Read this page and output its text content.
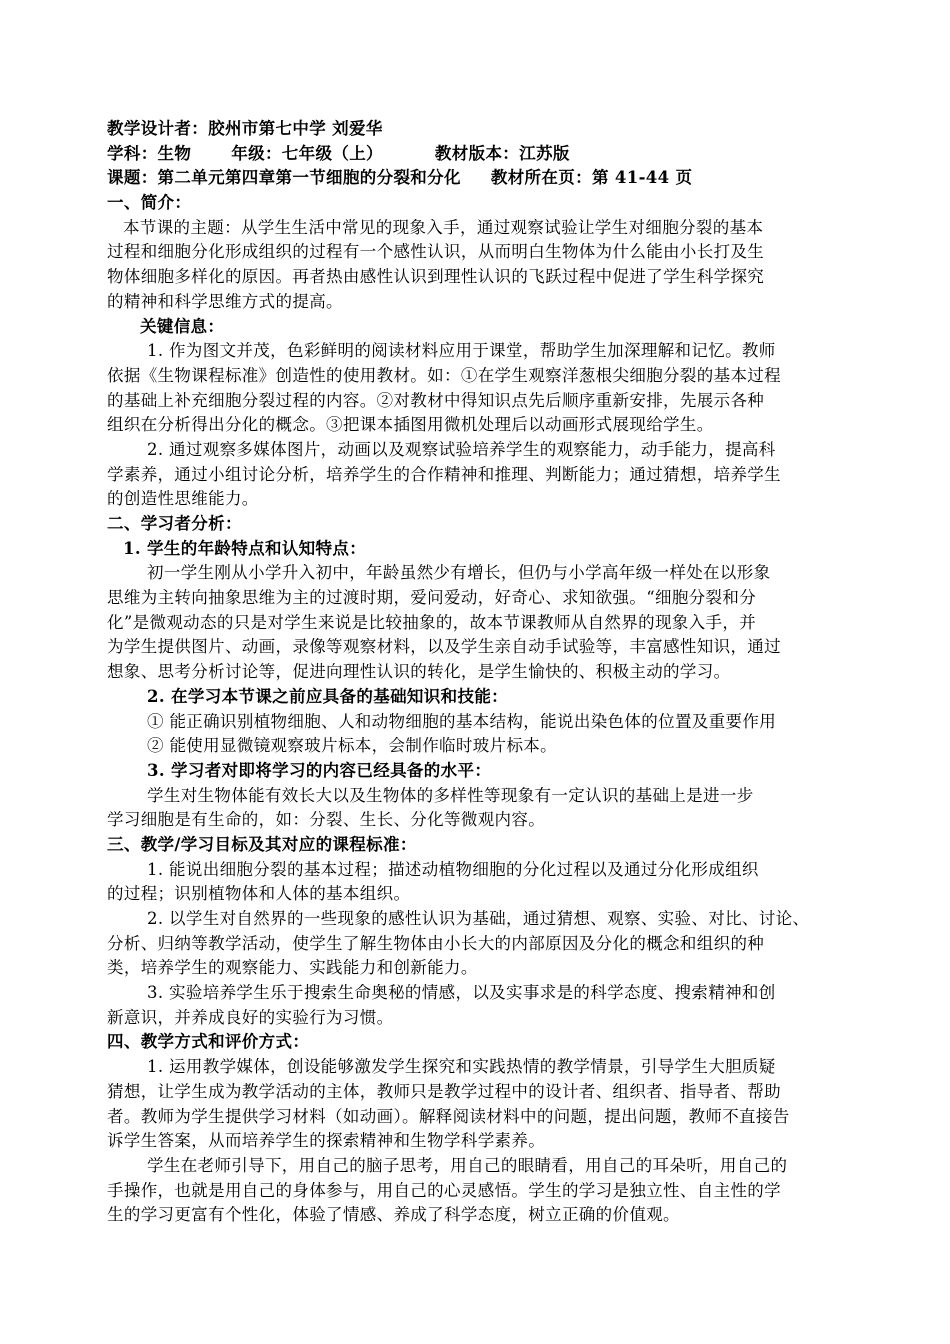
教学设计者：胶州市第七中学 刘爱华
学科：生物 年级：七年级（上）	教材版本：江苏版
课题：第二单元第四章第一节细胞的分裂和分化 教材所在页：第 41-44 页
一、简介：
本节课的主题：从学生生活中常见的现象入手，通过观察试验让学生对细胞分裂的基本
过程和细胞分化形成组织的过程有一个感性认识，从而明白生物体为什么能由小长打及生
物体细胞多样化的原因。再者热由感性认识到理性认识的飞跃过程中促进了学生科学探究
的精神和科学思维方式的提高。
关键信息：
1. 作为图文并茂，色彩鲜明的阅读材料应用于课堂，帮助学生加深理解和记忆。教师
依据《生物课程标准》创造性的使用教材。如：①在学生观察洋葱根尖细胞分裂的基本过程
的基础上补充细胞分裂过程的内容。②对教材中得知识点先后顺序重新安排，先展示各种
组织在分析得出分化的概念。③把课本插图用微机处理后以动画形式展现给学生。
2. 通过观察多媒体图片，动画以及观察试验培养学生的观察能力，动手能力，提高科
学素养，通过小组讨论分析，培养学生的合作精神和推理、判断能力；通过猜想，培养学生
的创造性思维能力。
二、学习者分析：
1. 学生的年龄特点和认知特点：
初一学生刚从小学升入初中，年龄虽然少有增长，但仍与小学高年级一样处在以形象
思维为主转向抽象思维为主的过渡时期，爱问爱动，好奇心、求知欲强。“细胞分裂和分
化”是微观动态的只是对学生来说是比较抽象的，故本节课教师从自然界的现象入手，并
为学生提供图片、动画，录像等观察材料，以及学生亲自动手试验等，丰富感性知识，通过
想象、思考分析讨论等，促进向理性认识的转化，是学生愉快的、积极主动的学习。
2. 在学习本节课之前应具备的基础知识和技能：
① 能正确识别植物细胞、人和动物细胞的基本结构，能说出染色体的位置及重要作用
② 能使用显微镜观察玻片标本，会制作临时玻片标本。
3. 学习者对即将学习的内容已经具备的水平：
学生对生物体能有效长大以及生物体的多样性等现象有一定认识的基础上是进一步
学习细胞是有生命的，如：分裂、生长、分化等微观内容。
三、教学/学习目标及其对应的课程标准：
1. 能说出细胞分裂的基本过程；描述动植物细胞的分化过程以及通过分化形成组织
的过程；识别植物体和人体的基本组织。
2. 以学生对自然界的一些现象的感性认识为基础，通过猜想、观察、实验、对比、讨论、
分析、归纳等教学活动，使学生了解生物体由小长大的内部原因及分化的概念和组织的种
类，培养学生的观察能力、实践能力和创新能力。
3. 实验培养学生乐于搜索生命奥秘的情感，以及实事求是的科学态度、搜索精神和创
新意识，并养成良好的实验行为习惯。
四、教学方式和评价方式：
1. 运用教学媒体，创设能够激发学生探究和实践热情的教学情景，引导学生大胆质疑
猜想，让学生成为教学活动的主体，教师只是教学过程中的设计者、组织者、指导者、帮助
者。教师为学生提供学习材料（如动画）。解释阅读材料中的问题，提出问题，教师不直接告
诉学生答案，从而培养学生的探索精神和生物学科学素养。
学生在老师引导下，用自己的脑子思考，用自己的眼睛看，用自己的耳朵听，用自己的
手操作，也就是用自己的身体参与，用自己的心灵感悟。学生的学习是独立性、自主性的学
生的学习更富有个性化，体验了情感、养成了科学态度，树立正确的价值观。
